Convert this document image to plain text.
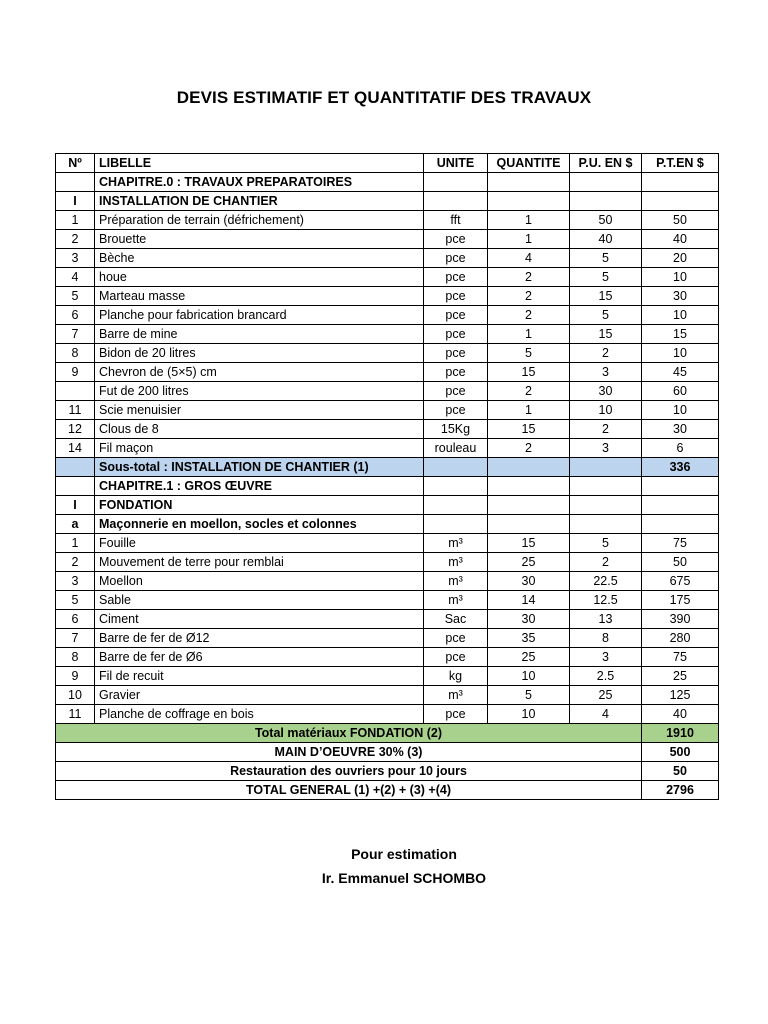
DEVIS ESTIMATIF ET QUANTITATIF DES TRAVAUX
Nº	LIBELLE	UNITE	QUANTITE	P.U. EN $	P.T.EN $
	CHAPITRE.0 : TRAVAUX PREPARATOIRES				
I	INSTALLATION DE CHANTIER				
1	Préparation de terrain (défrichement)	fft	1	50	50
2	Brouette	pce	1	40	40
3	Bèche	pce	4	5	20
4	houe	pce	2	5	10
5	Marteau masse	pce	2	15	30
6	Planche pour fabrication brancard	pce	2	5	10
7	Barre de mine	pce	1	15	15
8	Bidon de 20 litres	pce	5	2	10
9	Chevron de (5×5) cm	pce	15	3	45
	Fut de 200 litres	pce	2	30	60
11	Scie menuisier	pce	1	10	10
12	Clous de 8	15Kg	15	2	30
14	Fil maçon	rouleau	2	3	6
	Sous-total : INSTALLATION DE CHANTIER (1)				336
	CHAPITRE.1 : GROS ŒUVRE				
I	FONDATION				
a	Maçonnerie en moellon, socles et colonnes				
1	Fouille	m³	15	5	75
2	Mouvement de terre pour remblai	m³	25	2	50
3	Moellon	m³	30	22.5	675
5	Sable	m³	14	12.5	175
6	Ciment	Sac	30	13	390
7	Barre de fer de Ø12	pce	35	8	280
8	Barre de fer de Ø6	pce	25	3	75
9	Fil de recuit	kg	10	2.5	25
10	Gravier	m³	5	25	125
11	Planche de coffrage en bois	pce	10	4	40
Total matériaux FONDATION (2)					1910
MAIN D’OEUVRE 30% (3)					500
Restauration des ouvriers pour 10 jours					50
TOTAL GENERAL (1) +(2) + (3) +(4)					2796
Pour estimation
Ir. Emmanuel SCHOMBO
